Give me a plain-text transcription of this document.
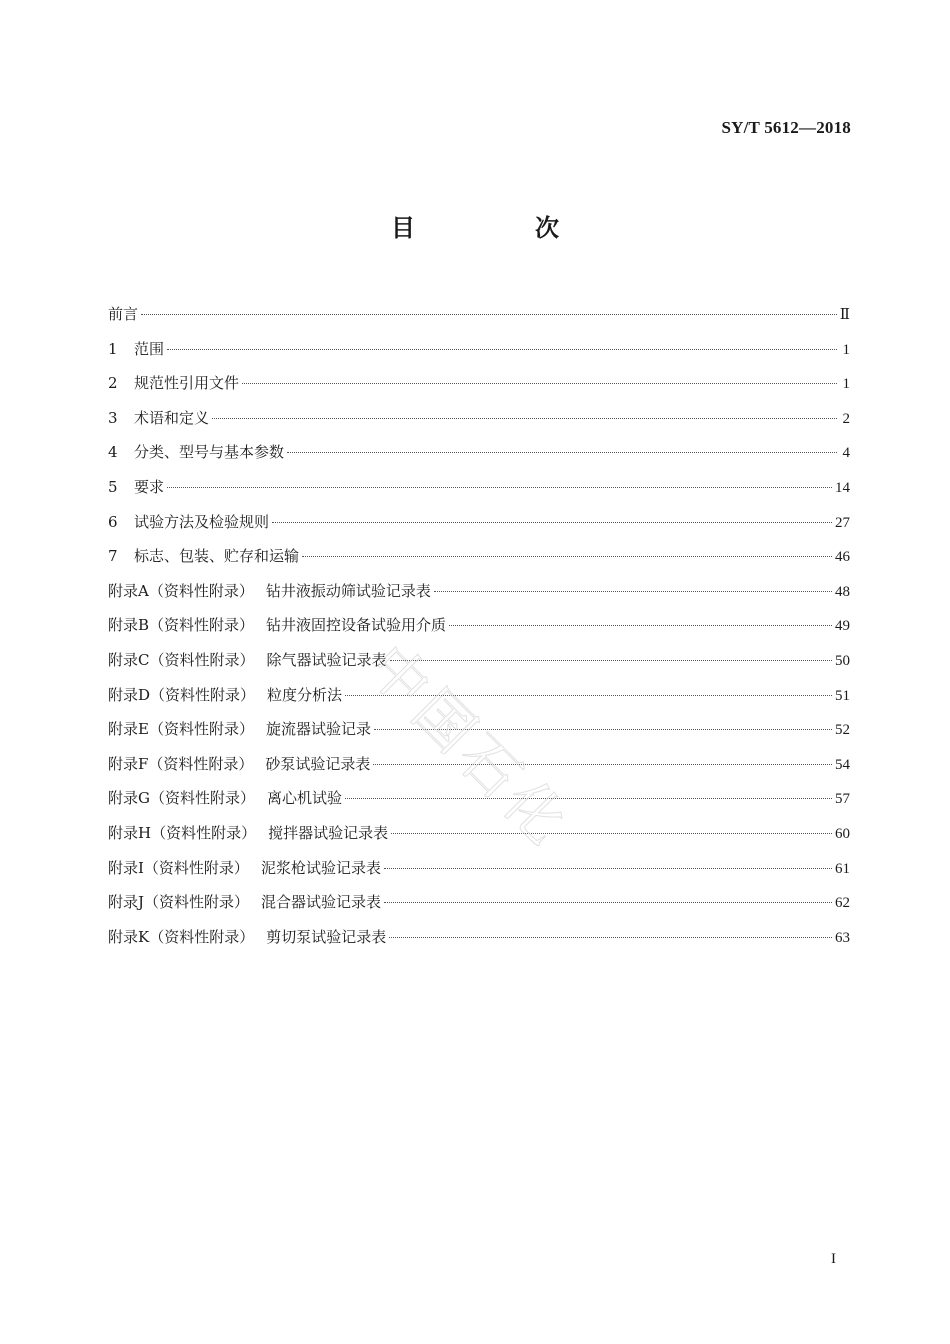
SY/T 5612—2018
目　次
前言	Ⅱ
1	范围	1
2	规范性引用文件	1
3	术语和定义	2
4	分类、型号与基本参数	4
5	要求	14
6	试验方法及检验规则	27
7	标志、包装、贮存和运输	46
附录A（资料性附录） 钻井液振动筛试验记录表	48
附录B（资料性附录） 钻井液固控设备试验用介质	49
附录C（资料性附录） 除气器试验记录表	50
附录D（资料性附录） 粒度分析法	51
附录E（资料性附录） 旋流器试验记录	52
附录F（资料性附录） 砂泵试验记录表	54
附录G（资料性附录） 离心机试验	57
附录H（资料性附录） 搅拌器试验记录表	60
附录I（资料性附录） 泥浆枪试验记录表	61
附录J（资料性附录） 混合器试验记录表	62
附录K（资料性附录） 剪切泵试验记录表	63
中国石化
I
